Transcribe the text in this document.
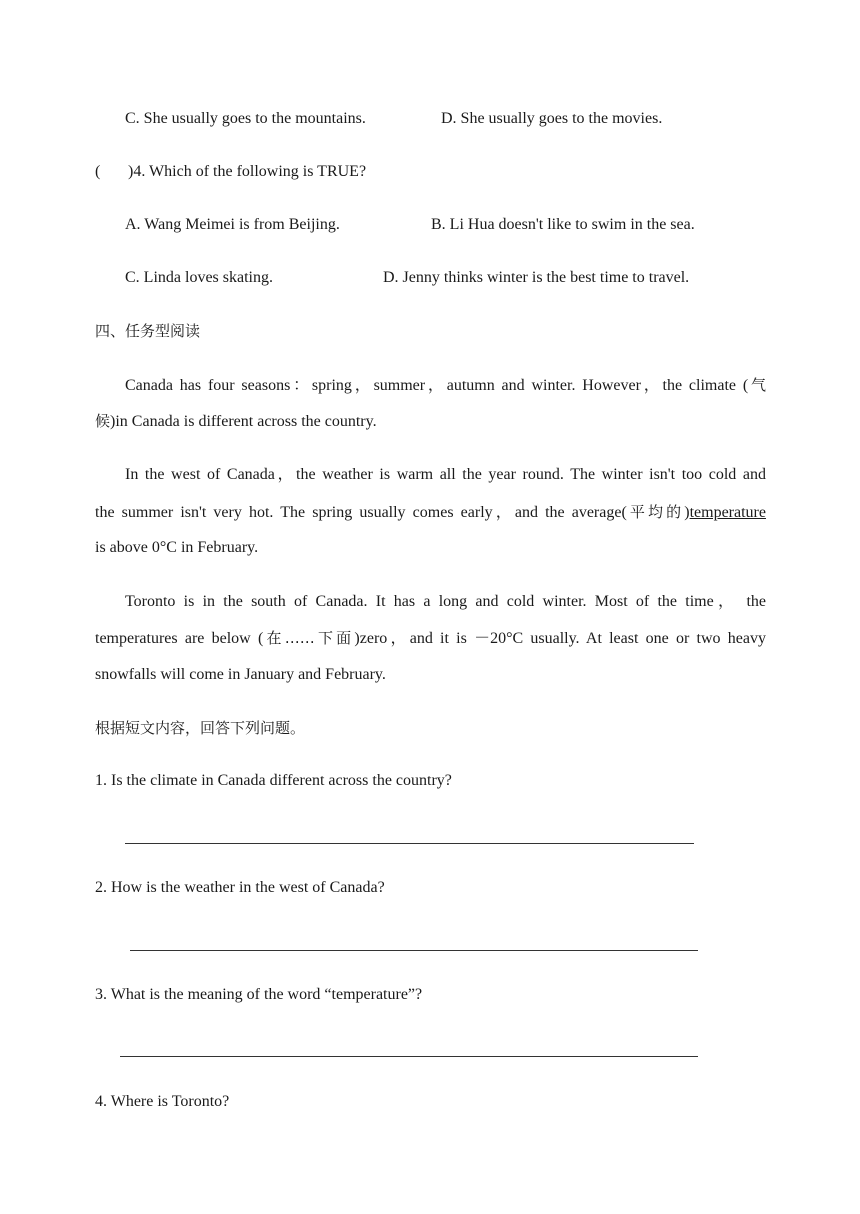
C. She usually goes to the mountains.	D. She usually goes to the movies.
( )4. Which of the following is TRUE?
A. Wang Meimei is from Beijing.	B. Li Hua doesn't like to swim in the sea.
C. Linda loves skating.	D. Jenny thinks winter is the best time to travel.
四、任务型阅读
Canada has four seasons：spring，summer，autumn and winter. However，the climate (气
候)in Canada is different across the country.
In the west of Canada，the weather is warm all the year round. The winter isn't too cold and
the summer isn't very hot. The spring usually comes early，and the average(平均的)temperature
is above 0°C in February.
Toronto is in the south of Canada. It has a long and cold winter. Most of the time， the
temperatures are below (在……下面)zero，and it is －20°C usually. At least one or two heavy
snowfalls will come in January and February.
根据短文内容，回答下列问题。
1. Is the climate in Canada different across the country?
2. How is the weather in the west of Canada?
3. What is the meaning of the word “temperature”?
4. Where is Toronto?
